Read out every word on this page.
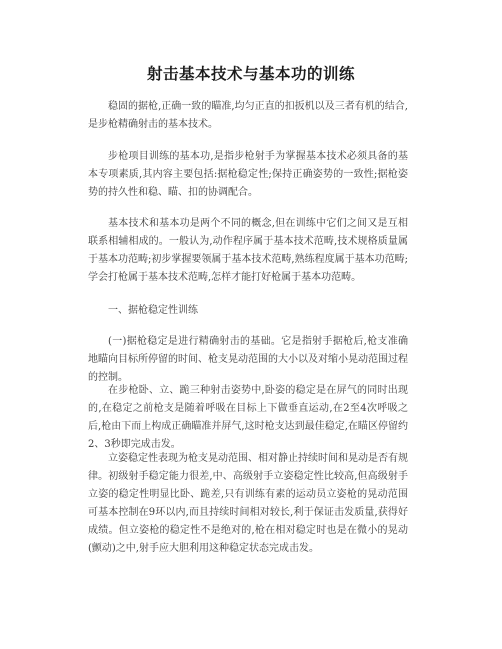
射击基本技术与基本功的训练
稳固的据枪,正确一致的瞄准,均匀正直的扣扳机以及三者有机的结合,是步枪精确射击的基本技术。
步枪项目训练的基本功,是指步枪射手为掌握基本技术必须具备的基本专项素质,其内容主要包括:据枪稳定性;保持正确姿势的一致性;据枪姿势的持久性和稳、瞄、扣的协调配合。
基本技术和基本功是两个不同的概念,但在训练中它们之间又是互相联系相辅相成的。一般认为,动作程序属于基本技术范畴,技术规格质量属于基本功范畴;初步掌握要领属于基本技术范畴,熟练程度属于基本功范畴;学会打枪属于基本技术范畴,怎样才能打好枪属于基本功范畴。
一、据枪稳定性训练
(一)据枪稳定是进行精确射击的基础。它是指射手据枪后,枪支准确地瞄向目标所停留的时间、枪支晃动范围的大小以及对缩小晃动范围过程的控制。
在步枪卧、立、跪三种射击姿势中,卧姿的稳定是在屏气的同时出现的,在稳定之前枪支是随着呼吸在目标上下做垂直运动,在2至4次呼吸之后,枪由下而上构成正确瞄准并屏气,这时枪支达到最佳稳定,在瞄区停留约2、3秒即完成击发。
立姿稳定性表现为枪支晃动范围、相对静止持续时间和晃动是否有规律。初级射手稳定能力很差,中、高级射手立姿稳定性比较高,但高级射手立姿的稳定性明显比卧、跪差,只有训练有素的运动员立姿枪的晃动范围可基本控制在9环以内,而且持续时间相对较长,利于保证击发质量,获得好成绩。但立姿枪的稳定性不是绝对的,枪在相对稳定时也是在微小的晃动(颤动)之中,射手应大胆利用这种稳定状态完成击发。
